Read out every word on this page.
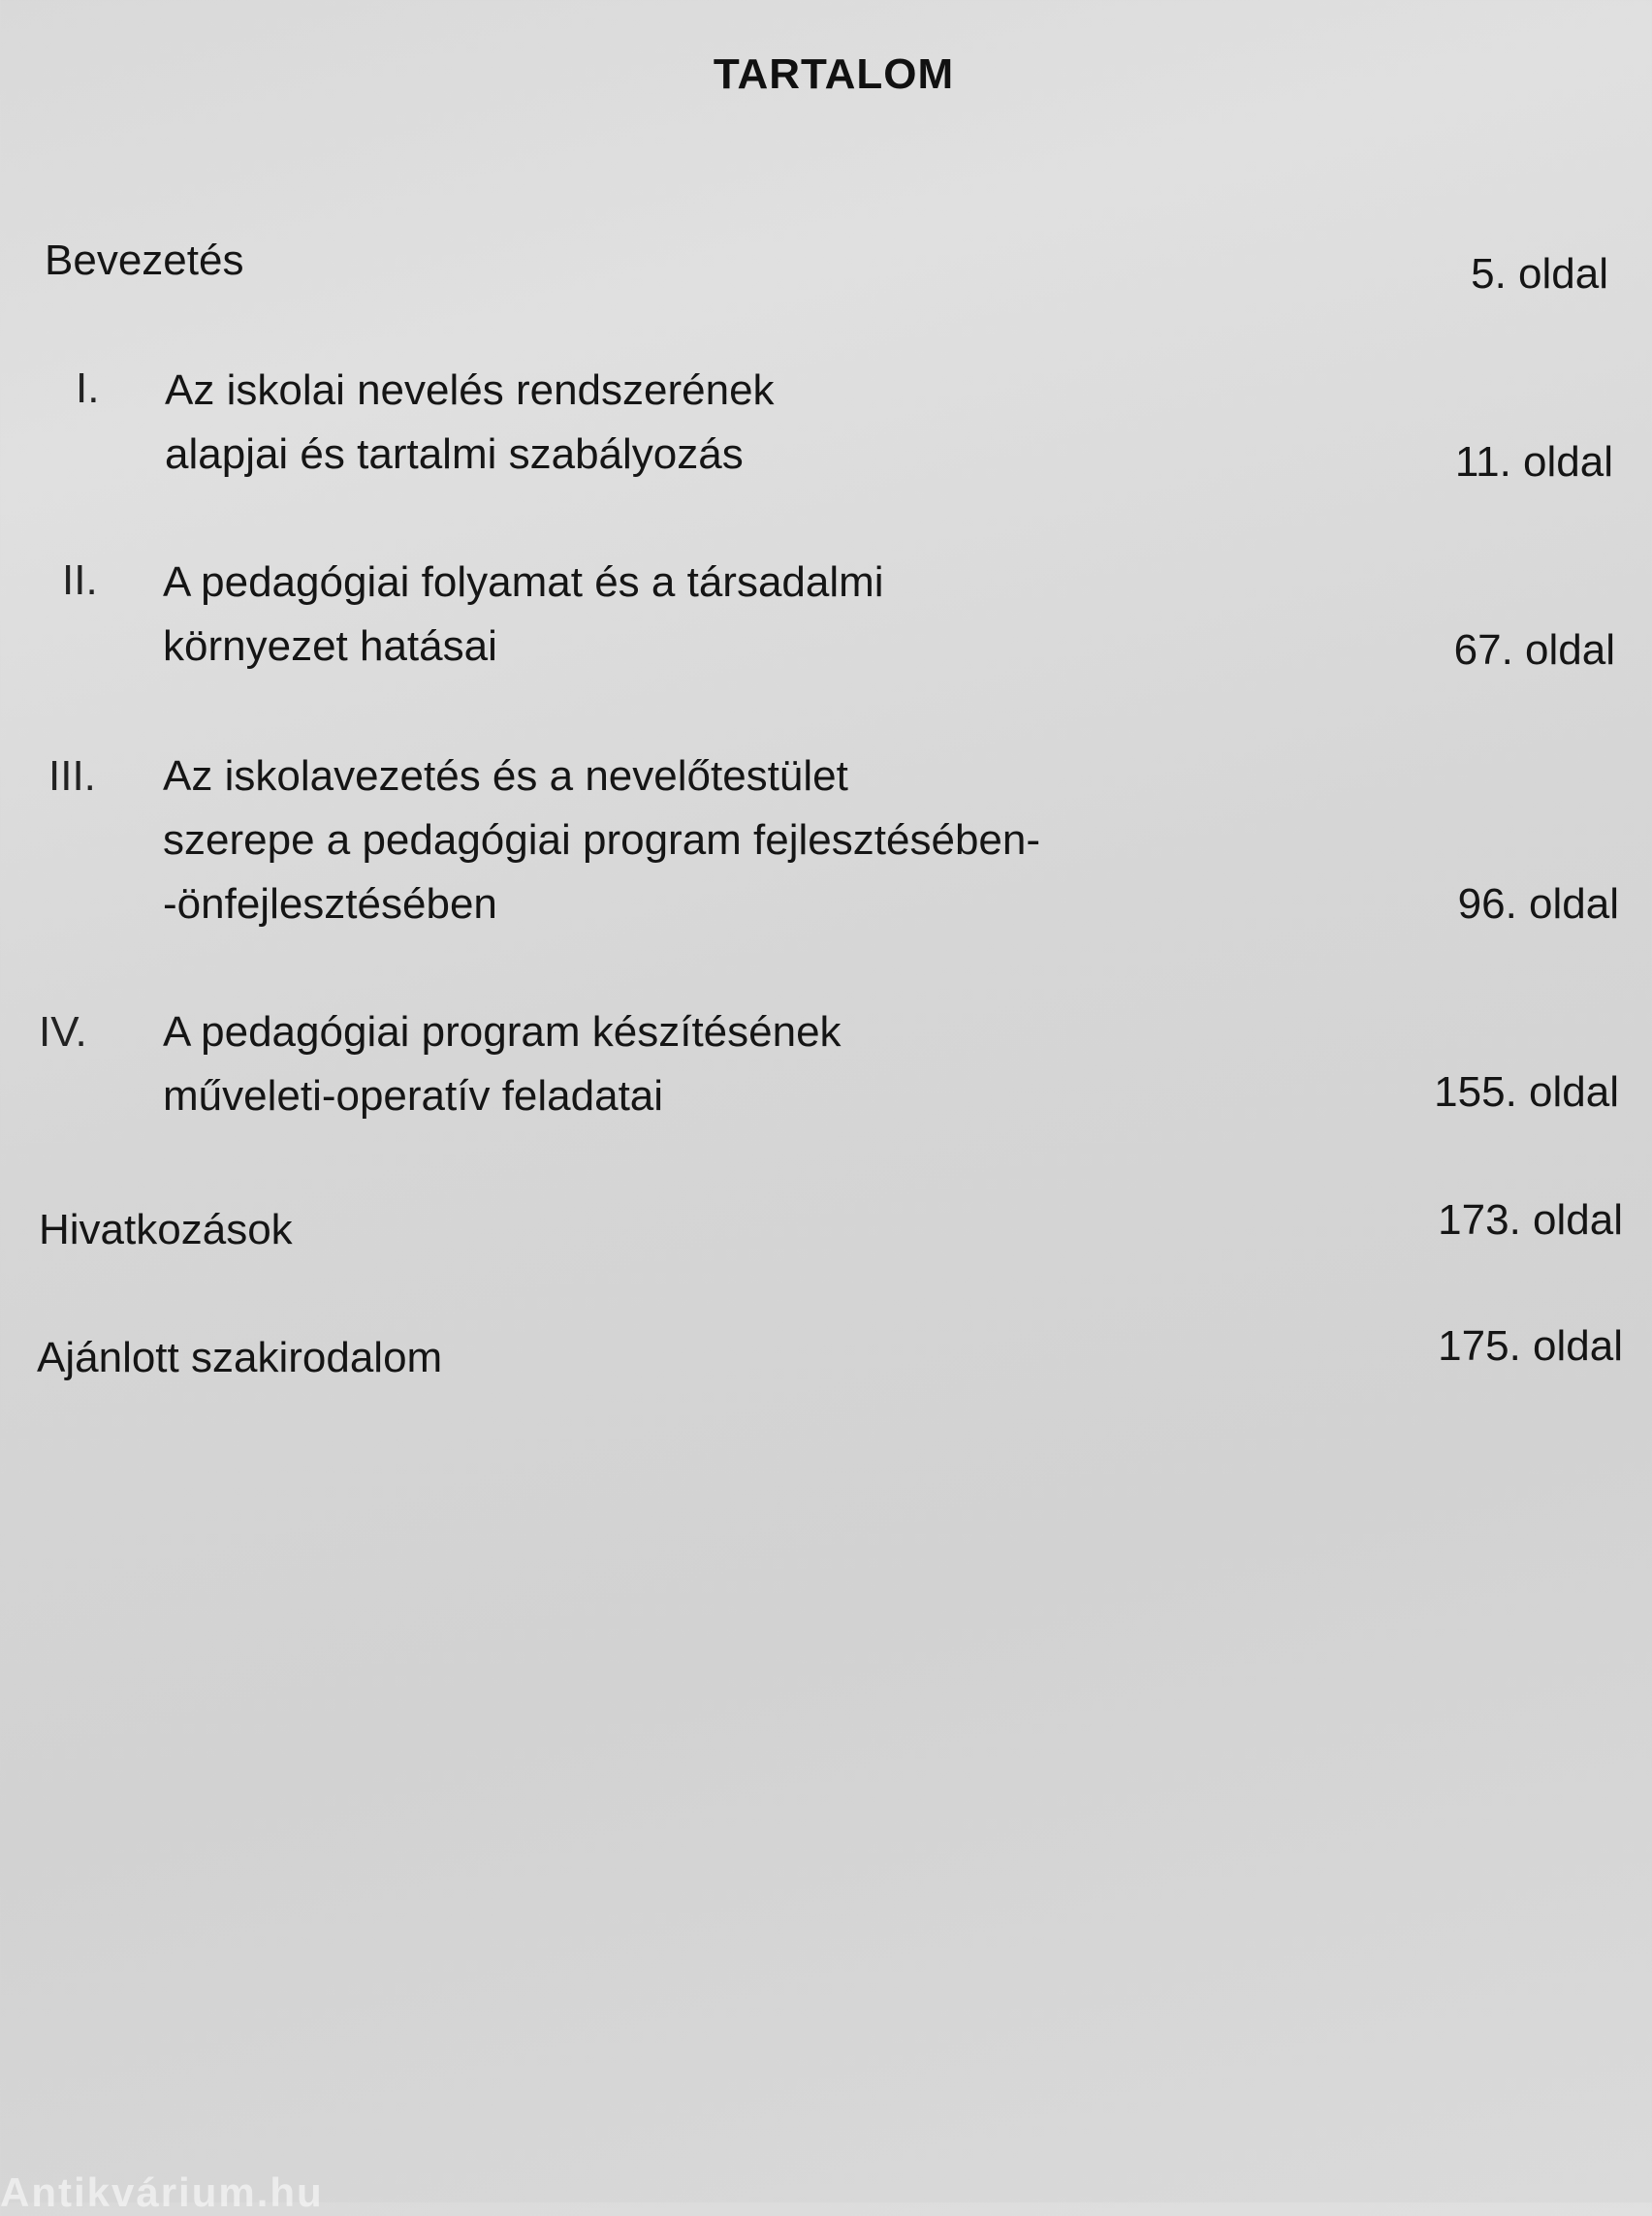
TARTALOM
Bevezetés	5. oldal
I. Az iskolai nevelés rendszerének
alapjai és tartalmi szabályozás	11. oldal
II. A pedagógiai folyamat és a társadalmi
környezet hatásai	67. oldal
III. Az iskolavezetés és a nevelőtestület
szerepe a pedagógiai program fejlesztésében-
-önfejlesztésében	96. oldal
IV. A pedagógiai program készítésének
műveleti-operatív feladatai	155. oldal
Hivatkozások	173. oldal
Ajánlott szakirodalom	175. oldal
Antikvárium.hu
